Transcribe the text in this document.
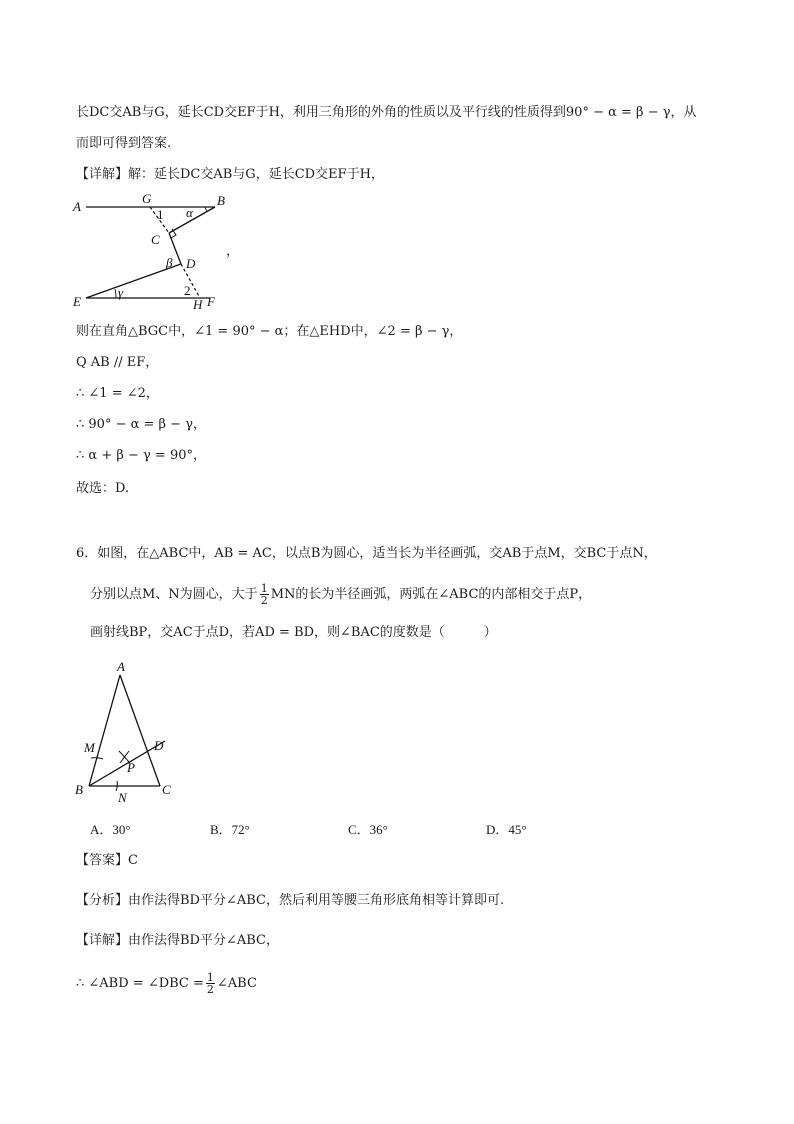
长DC交AB与G，延长CD交EF于H，利用三角形的外角的性质以及平行线的性质得到90° − α = β − γ，从
而即可得到答案.
【详解】解：延长DC交AB与G，延长CD交EF于H，
A
G	B
1 α
C
β D
E
γ	2
H F
，
则在直角△BGC中，∠1 = 90° − α；在△EHD中，∠2 = β − γ，
Q AB // EF，
∴ ∠1 = ∠2，
∴ 90° − α = β − γ，
∴ α + β − γ = 90°，
故选：D.
6．如图，在△ABC中，AB = AC，以点B为圆心，适当长为半径画弧，交AB于点M，交BC于点N，
分别以点M、N为圆心，大于 $\frac{1}{2}$ MN的长为半径画弧，两弧在∠ABC的内部相交于点P，
画射线BP，交AC于点D，若AD = BD，则∠BAC的度数是（　　　）
A
M	D
P
B
N
C
A．30°	B．72°	C．36°	D．45°
【答案】C
【分析】由作法得BD平分∠ABC，然后利用等腰三角形底角相等计算即可.
【详解】由作法得BD平分∠ABC，
∴ ∠ABD = ∠DBC = $\frac{1}{2}$ ∠ABC
